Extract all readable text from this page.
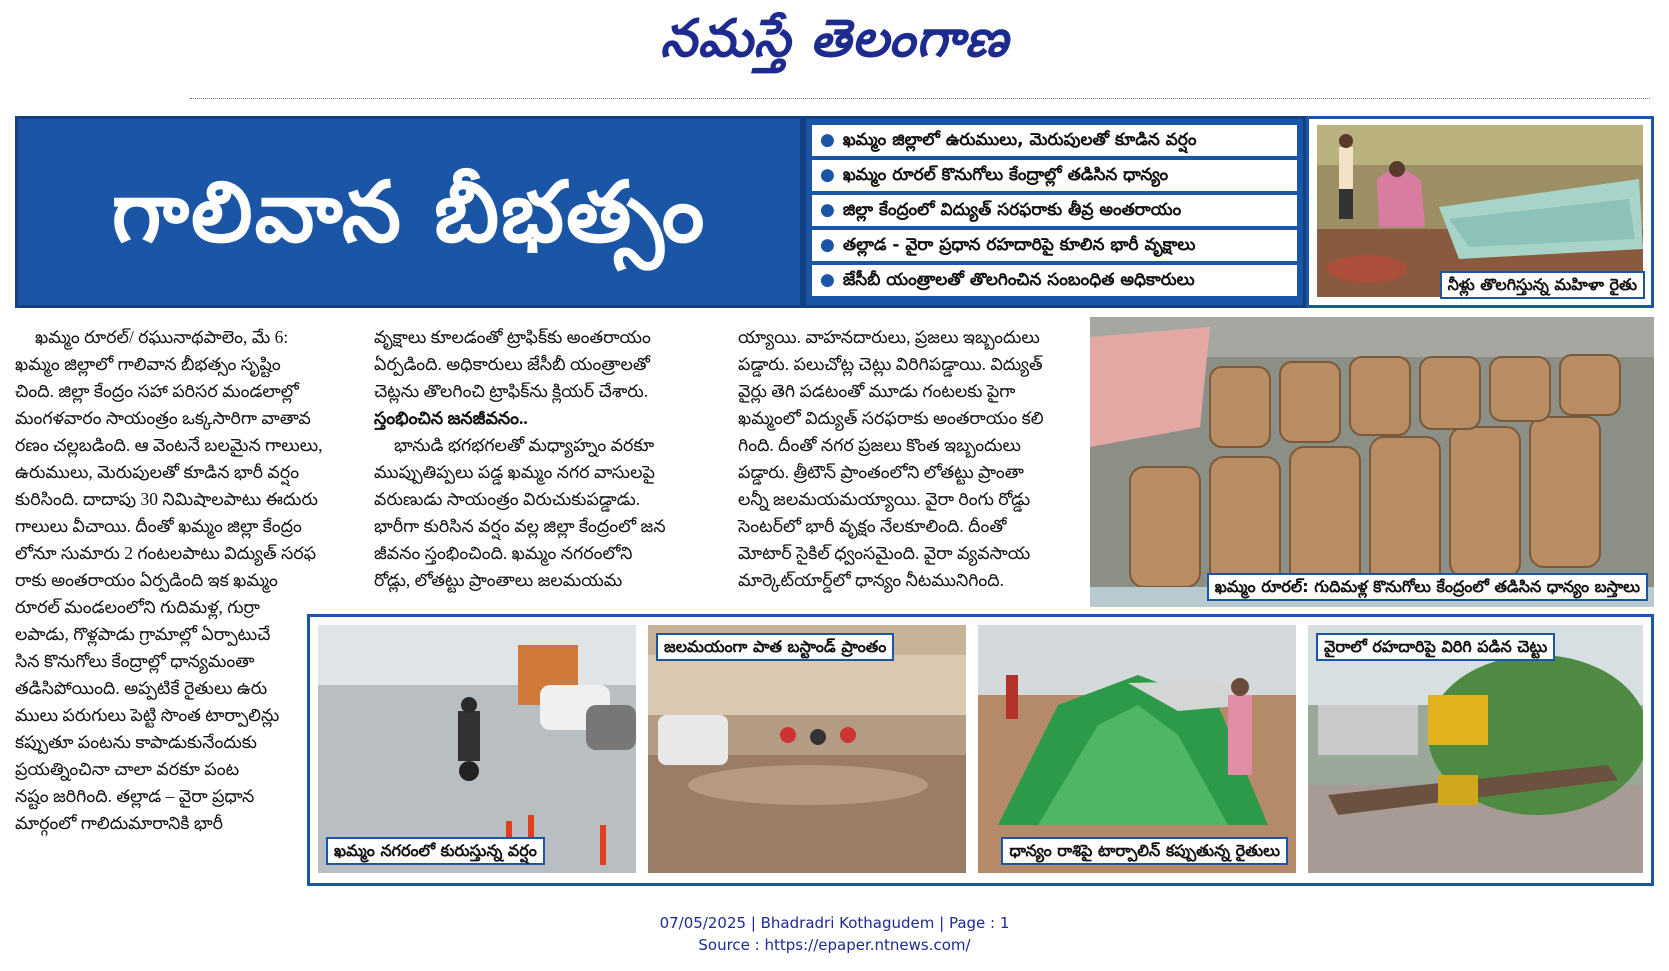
నమస్తే తెలంగాణ
గాలివాన బీభత్సం
● ఖమ్మం జిల్లాలో ఉరుములు, మెరుపులతో కూడిన వర్షం
● ఖమ్మం రూరల్ కొనుగోలు కేంద్రాల్లో తడిసిన ధాన్యం
● జిల్లా కేంద్రంలో విద్యుత్ సరఫరాకు తీవ్ర అంతరాయం
● తల్లాడ - వైరా ప్రధాన రహదారిపై కూలిన భారీ వృక్షాలు
● జేసీబీ యంత్రాలతో తొలగించిన సంబంధిత అధికారులు	నీళ్లు తొలగిస్తున్న మహిళా రైతు
ఖమ్మం రూరల్: గుదిమళ్ల కొనుగోలు కేంద్రంలో తడిసిన ధాన్యం బస్తాలు

ఖమ్మం రూరల్/ రఘునాథపాలెం, మే 6:

ఖమ్మం జిల్లాలో గాలివాన బీభత్సం సృష్టిం

చింది. జిల్లా కేంద్రం సహా పరిసర మండలాల్లో

మంగళవారం సాయంత్రం ఒక్కసారిగా వాతావ

రణం చల్లబడింది. ఆ వెంటనే బలమైన గాలులు,

ఉరుములు, మెరుపులతో కూడిన భారీ వర్షం

కురిసింది. దాదాపు 30 నిమిషాలపాటు ఈదురు

గాలులు వీచాయి. దీంతో ఖమ్మం జిల్లా కేంద్రం

లోనూ సుమారు 2 గంటలపాటు విద్యుత్ సరఫ

రాకు అంతరాయం ఏర్పడింది ఇక ఖమ్మం

రూరల్ మండలంలోని గుదిమళ్ల, గుర్రా

లపాడు, గొళ్లపాడు గ్రామాల్లో ఏర్పాటుచే

సిన కొనుగోలు కేంద్రాల్లో ధాన్యమంతా

తడిసిపోయింది. అప్పటికే రైతులు ఉరు

ములు పరుగులు పెట్టి సొంత టార్పాలిన్లు

కప్పుతూ పంటను కాపాడుకునేందుకు

ప్రయత్నించినా చాలా వరకూ పంట

నష్టం జరిగింది. తల్లాడ – వైరా ప్రధాన

మార్గంలో గాలిదుమారానికి భారీ

వృక్షాలు కూలడంతో ట్రాఫిక్‌కు అంతరాయం

ఏర్పడింది. అధికారులు జేసీబీ యంత్రాలతో

చెట్లను తొలగించి ట్రాఫిక్‌ను క్లియర్ చేశారు.

స్తంభించిన జనజీవనం..

భానుడి భగభగలతో మధ్యాహ్నం వరకూ

ముప్పుతిప్పలు పడ్డ ఖమ్మం నగర వాసులపై

వరుణుడు సాయంత్రం విరుచుకుపడ్డాడు.

భారీగా కురిసిన వర్షం వల్ల జిల్లా కేంద్రంలో జన

జీవనం స్తంభించింది. ఖమ్మం నగరంలోని

రోడ్లు, లోతట్టు ప్రాంతాలు జలమయమ

య్యాయి. వాహనదారులు, ప్రజలు ఇబ్బందులు

పడ్డారు. పలుచోట్ల చెట్లు విరిగిపడ్డాయి. విద్యుత్

వైర్లు తెగి పడటంతో మూడు గంటలకు పైగా

ఖమ్మంలో విద్యుత్ సరఫరాకు అంతరాయం కలి

గింది. దీంతో నగర ప్రజలు కొంత ఇబ్బందులు

పడ్డారు. త్రీటౌన్ ప్రాంతంలోని లోతట్టు ప్రాంతా

లన్నీ జలమయమయ్యాయి. వైరా రింగు రోడ్డు

సెంటర్‌లో భారీ వృక్షం నేలకూలింది. దీంతో

మోటార్ సైకిల్ ధ్వంసమైంది. వైరా వ్యవసాయ

మార్కెట్‌యార్డ్‌లో ధాన్యం నీటమునిగింది.

ఖమ్మం నగరంలో కురుస్తున్న వర్షం
జలమయంగా పాత బస్టాండ్ ప్రాంతం
ధాన్యం రాశిపై టార్పాలిన్ కప్పుతున్న రైతులు
వైరాలో రహదారిపై విరిగి పడిన చెట్టు
07/05/2025 | Bhadradri Kothagudem | Page : 1
Source : https://epaper.ntnews.com/
